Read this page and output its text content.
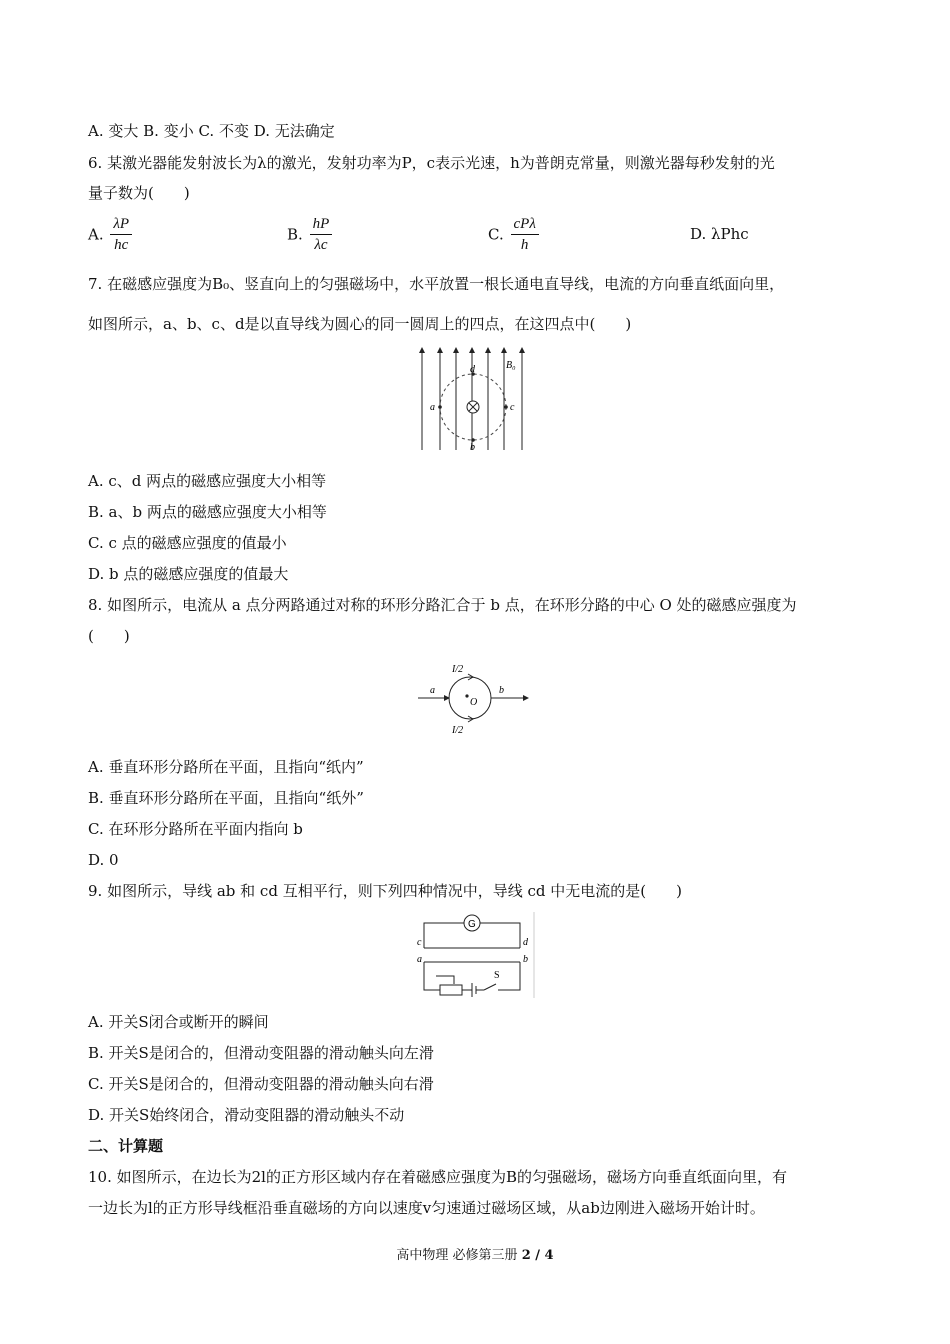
A. 变大 B. 变小 C. 不变 D. 无法确定
6. 某激光器能发射波长为λ的激光，发射功率为P，c表示光速，h为普朗克常量，则激光器每秒发射的光
量子数为(　　)
A. $\frac{\lambda P}{hc}$	B. $\frac{hP}{\lambda c}$	C. $\frac{\text{cPλ}}{h}$	D. λPhc
7. 在磁感应强度为B₀、竖直向上的匀强磁场中，水平放置一根长通电直导线，电流的方向垂直纸面向里，
如图所示，a、b、c、d是以直导线为圆心的同一圆周上的四点，在这四点中(　　)
B₀
a	c
d
b
A. c、d 两点的磁感应强度大小相等
B. a、b 两点的磁感应强度大小相等
C. c 点的磁感应强度的值最小
D. b 点的磁感应强度的值最大
8. 如图所示，电流从 a 点分两路通过对称的环形分路汇合于 b 点，在环形分路的中心 O 处的磁感应强度为
(　　)
I/2
I/2
a	b
O
A. 垂直环形分路所在平面，且指向“纸内”
B. 垂直环形分路所在平面，且指向“纸外”
C. 在环形分路所在平面内指向 b
D. 0
9. 如图所示，导线 ab 和 cd 互相平行，则下列四种情况中，导线 cd 中无电流的是(　　)
G
c	d
a	b
S
A. 开关S闭合或断开的瞬间
B. 开关S是闭合的，但滑动变阻器的滑动触头向左滑
C. 开关S是闭合的，但滑动变阻器的滑动触头向右滑
D. 开关S始终闭合，滑动变阻器的滑动触头不动
二、计算题
10. 如图所示，在边长为2l的正方形区域内存在着磁感应强度为B的匀强磁场，磁场方向垂直纸面向里，有
一边长为l的正方形导线框沿垂直磁场的方向以速度v匀速通过磁场区域，从ab边刚进入磁场开始计时。
高中物理 必修第三册 2 / 4
